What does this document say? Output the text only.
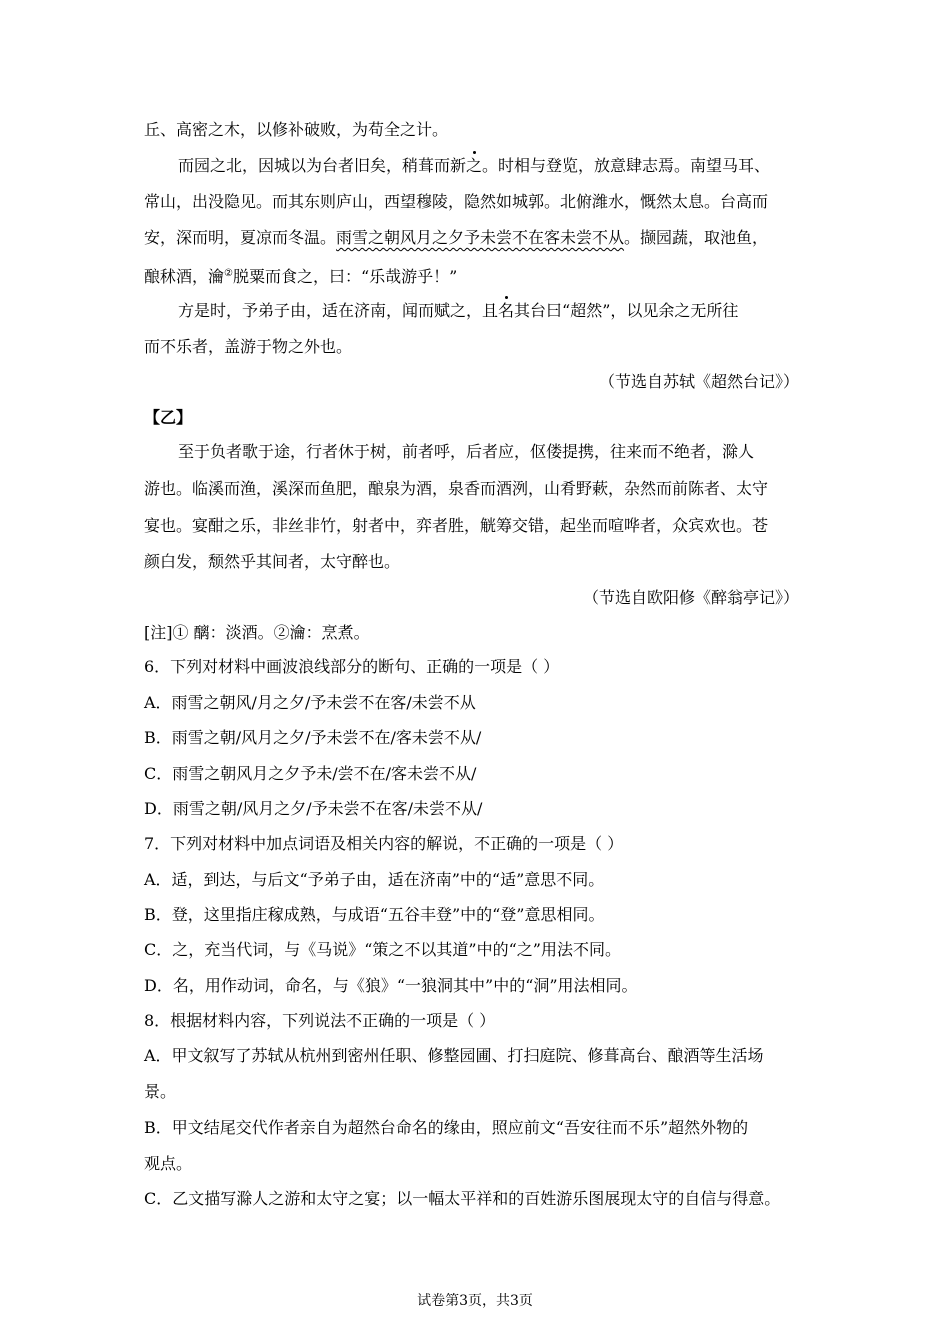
丘、高密之木，以修补破败，为苟全之计。
而园之北，因城以为台者旧矣，稍葺而新之。时相与登览，放意肆志焉。南望马耳、
常山，出没隐见。而其东则庐山，西望穆陵，隐然如城郭。北俯潍水，慨然太息。台高而
安，深而明，夏凉而冬温。雨雪之朝风月之夕予未尝不在客未尝不从。撷园蔬，取池鱼，
酿秫酒，瀹②脱粟而食之，曰：“乐哉游乎！”
方是时，予弟子由，适在济南，闻而赋之，且名其台曰“超然”，以见余之无所往
而不乐者，盖游于物之外也。
（节选自苏轼《超然台记》）
【乙】
至于负者歌于途，行者休于树，前者呼，后者应，伛偻提携，往来而不绝者，滁人
游也。临溪而渔，溪深而鱼肥，酿泉为酒，泉香而酒洌，山肴野蔌，杂然而前陈者、太守
宴也。宴酣之乐，非丝非竹，射者中，弈者胜，觥筹交错，起坐而喧哗者，众宾欢也。苍
颜白发，颓然乎其间者，太守醉也。
（节选自欧阳修《醉翁亭记》）
[注]① 醨：淡酒。②瀹：烹煮。
6．下列对材料中画波浪线部分的断句、正确的一项是（ ）
A．雨雪之朝风/月之夕/予未尝不在客/未尝不从
B．雨雪之朝/风月之夕/予未尝不在/客未尝不从/
C．雨雪之朝风月之夕予未/尝不在/客未尝不从/
D．雨雪之朝/风月之夕/予未尝不在客/未尝不从/
7．下列对材料中加点词语及相关内容的解说，不正确的一项是（ ）
A．适，到达，与后文“予弟子由，适在济南”中的“适”意思不同。
B．登，这里指庄稼成熟，与成语“五谷丰登”中的“登”意思相同。
C．之，充当代词，与《马说》“策之不以其道”中的“之”用法不同。
D．名，用作动词，命名，与《狼》“一狼洞其中”中的“洞”用法相同。
8．根据材料内容，下列说法不正确的一项是（ ）
A．甲文叙写了苏轼从杭州到密州任职、修整园圃、打扫庭院、修葺高台、酿酒等生活场
景。
B．甲文结尾交代作者亲自为超然台命名的缘由，照应前文“吾安往而不乐”超然外物的
观点。
C．乙文描写滁人之游和太守之宴；以一幅太平祥和的百姓游乐图展现太守的自信与得意。
试卷第3页，共3页
